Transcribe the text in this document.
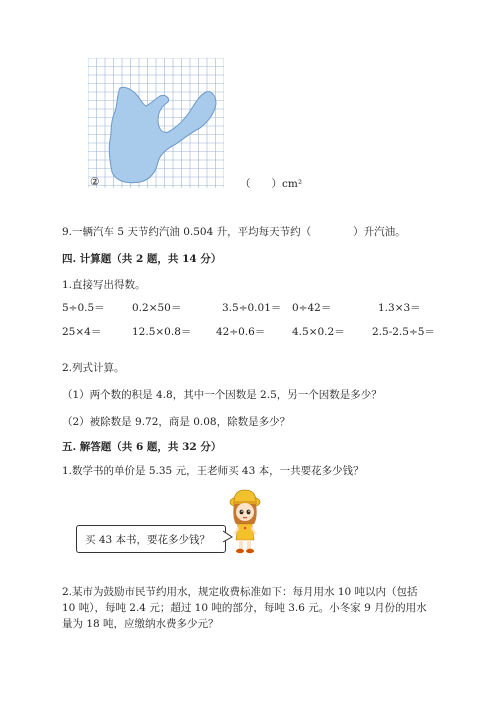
②	（　　）cm²
9.一辆汽车 5 天节约汽油 0.504 升，平均每天节约（　　　　）升汽油。
四. 计算题（共 2 题，共 14 分）
1.直接写出得数。
5÷0.5＝	0.2×50＝	3.5÷0.01＝ 0÷42＝	1.3×3＝
25×4＝	12.5×0.8＝ 42÷0.6＝	4.5×0.2＝	2.5-2.5÷5＝
2.列式计算。
（1）两个数的积是 4.8，其中一个因数是 2.5，另一个因数是多少？
（2）被除数是 9.72，商是 0.08，除数是多少？
五. 解答题（共 6 题，共 32 分）
1.数学书的单价是 5.35 元，王老师买 43 本，一共要花多少钱？
买 43 本书，要花多少钱？
2.某市为鼓励市民节约用水，规定收费标准如下：每月用水 10 吨以内（包括
10 吨），每吨 2.4 元；超过 10 吨的部分，每吨 3.6 元。小冬家 9 月份的用水
量为 18 吨，应缴纳水费多少元？
